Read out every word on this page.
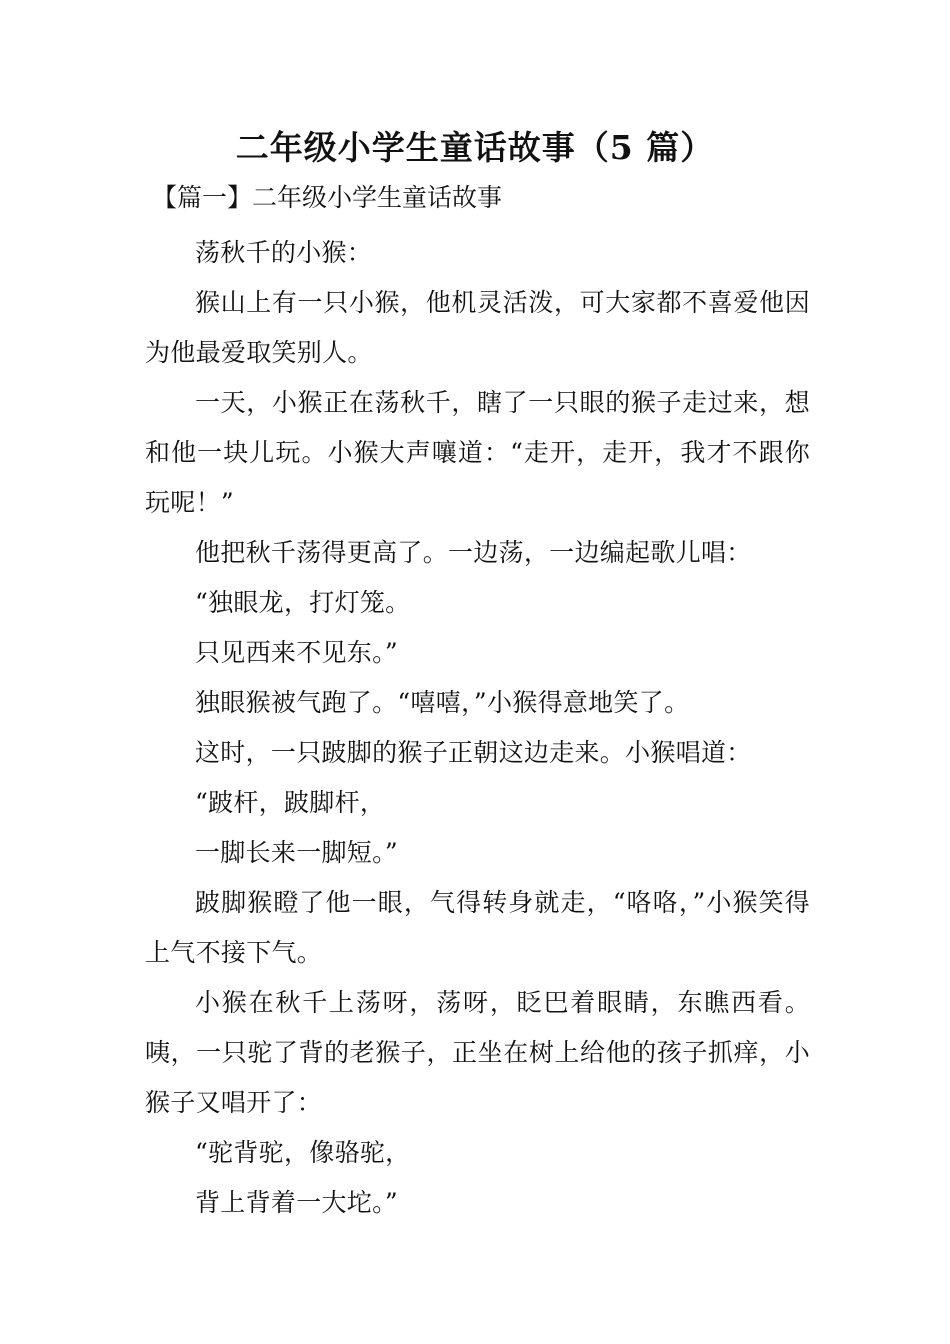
二年级小学生童话故事（5 篇）
【篇一】二年级小学生童话故事

荡秋千的小猴：

猴山上有一只小猴，他机灵活泼，可大家都不喜爱他因为他最爱取笑别人。

一天，小猴正在荡秋千，瞎了一只眼的猴子走过来，想和他一块儿玩。小猴大声嚷道：“走开，走开，我才不跟你玩呢！”

他把秋千荡得更高了。一边荡，一边编起歌儿唱：

“独眼龙，打灯笼。

只见西来不见东。”

独眼猴被气跑了。“嘻嘻，”小猴得意地笑了。

这时，一只跛脚的猴子正朝这边走来。小猴唱道：

“跛杆，跛脚杆，

一脚长来一脚短。”

跛脚猴瞪了他一眼，气得转身就走，“咯咯，”小猴笑得上气不接下气。

小猴在秋千上荡呀，荡呀，眨巴着眼睛，东瞧西看。咦，一只驼了背的老猴子，正坐在树上给他的孩子抓痒，小猴子又唱开了：

“驼背驼，像骆驼，

背上背着一大坨。”
